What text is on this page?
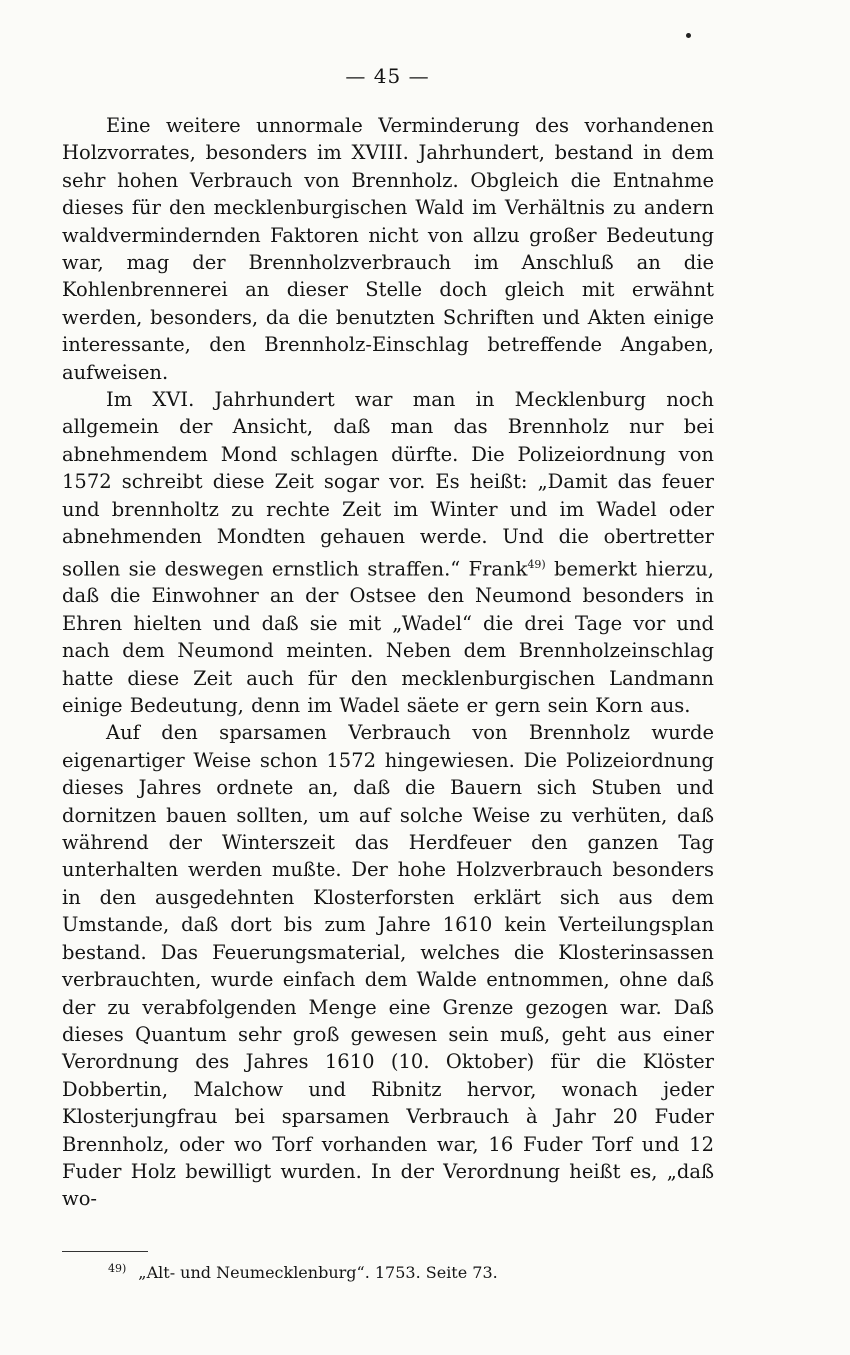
— 45 —

Eine weitere unnormale Verminderung des vorhandenen Holzvorrates, besonders im XVIII. Jahrhundert, bestand in dem sehr hohen Verbrauch von Brennholz. Obgleich die Entnahme dieses für den mecklenburgischen Wald im Verhältnis zu andern waldvermindernden Faktoren nicht von allzu großer Bedeutung war, mag der Brennholzverbrauch im Anschluß an die Kohlenbrennerei an dieser Stelle doch gleich mit erwähnt werden, besonders, da die benutzten Schriften und Akten einige interessante, den Brennholz-Einschlag betreffende Angaben, aufweisen.

Im XVI. Jahrhundert war man in Mecklenburg noch allgemein der Ansicht, daß man das Brennholz nur bei abnehmendem Mond schlagen dürfte. Die Polizeiordnung von 1572 schreibt diese Zeit sogar vor. Es heißt: „Damit das feuer und brennholtz zu rechte Zeit im Winter und im Wadel oder abnehmenden Mondten gehauen werde. Und die obertretter sollen sie deswegen ernstlich straffen.“ Frank$^{49)}$ bemerkt hierzu, daß die Einwohner an der Ostsee den Neumond besonders in Ehren hielten und daß sie mit „Wadel“ die drei Tage vor und nach dem Neumond meinten. Neben dem Brennholzeinschlag hatte diese Zeit auch für den mecklenburgischen Landmann einige Bedeutung, denn im Wadel säete er gern sein Korn aus.

Auf den sparsamen Verbrauch von Brennholz wurde eigenartiger Weise schon 1572 hingewiesen. Die Polizeiordnung dieses Jahres ordnete an, daß die Bauern sich Stuben und dornitzen bauen sollten, um auf solche Weise zu verhüten, daß während der Winterszeit das Herdfeuer den ganzen Tag unterhalten werden mußte. Der hohe Holzverbrauch besonders in den ausgedehnten Klosterforsten erklärt sich aus dem Umstande, daß dort bis zum Jahre 1610 kein Verteilungsplan bestand. Das Feuerungsmaterial, welches die Klosterinsassen verbrauchten, wurde einfach dem Walde entnommen, ohne daß der zu verabfolgenden Menge eine Grenze gezogen war. Daß dieses Quantum sehr groß gewesen sein muß, geht aus einer Verordnung des Jahres 1610 (10. Oktober) für die Klöster Dobbertin, Malchow und Ribnitz hervor, wonach jeder Klosterjungfrau bei sparsamen Verbrauch à Jahr 20 Fuder Brennholz, oder wo Torf vorhanden war, 16 Fuder Torf und 12 Fuder Holz bewilligt wurden. In der Verordnung heißt es, „daß wo-

$^{49)}$ „Alt- und Neumecklenburg“. 1753. Seite 73.
